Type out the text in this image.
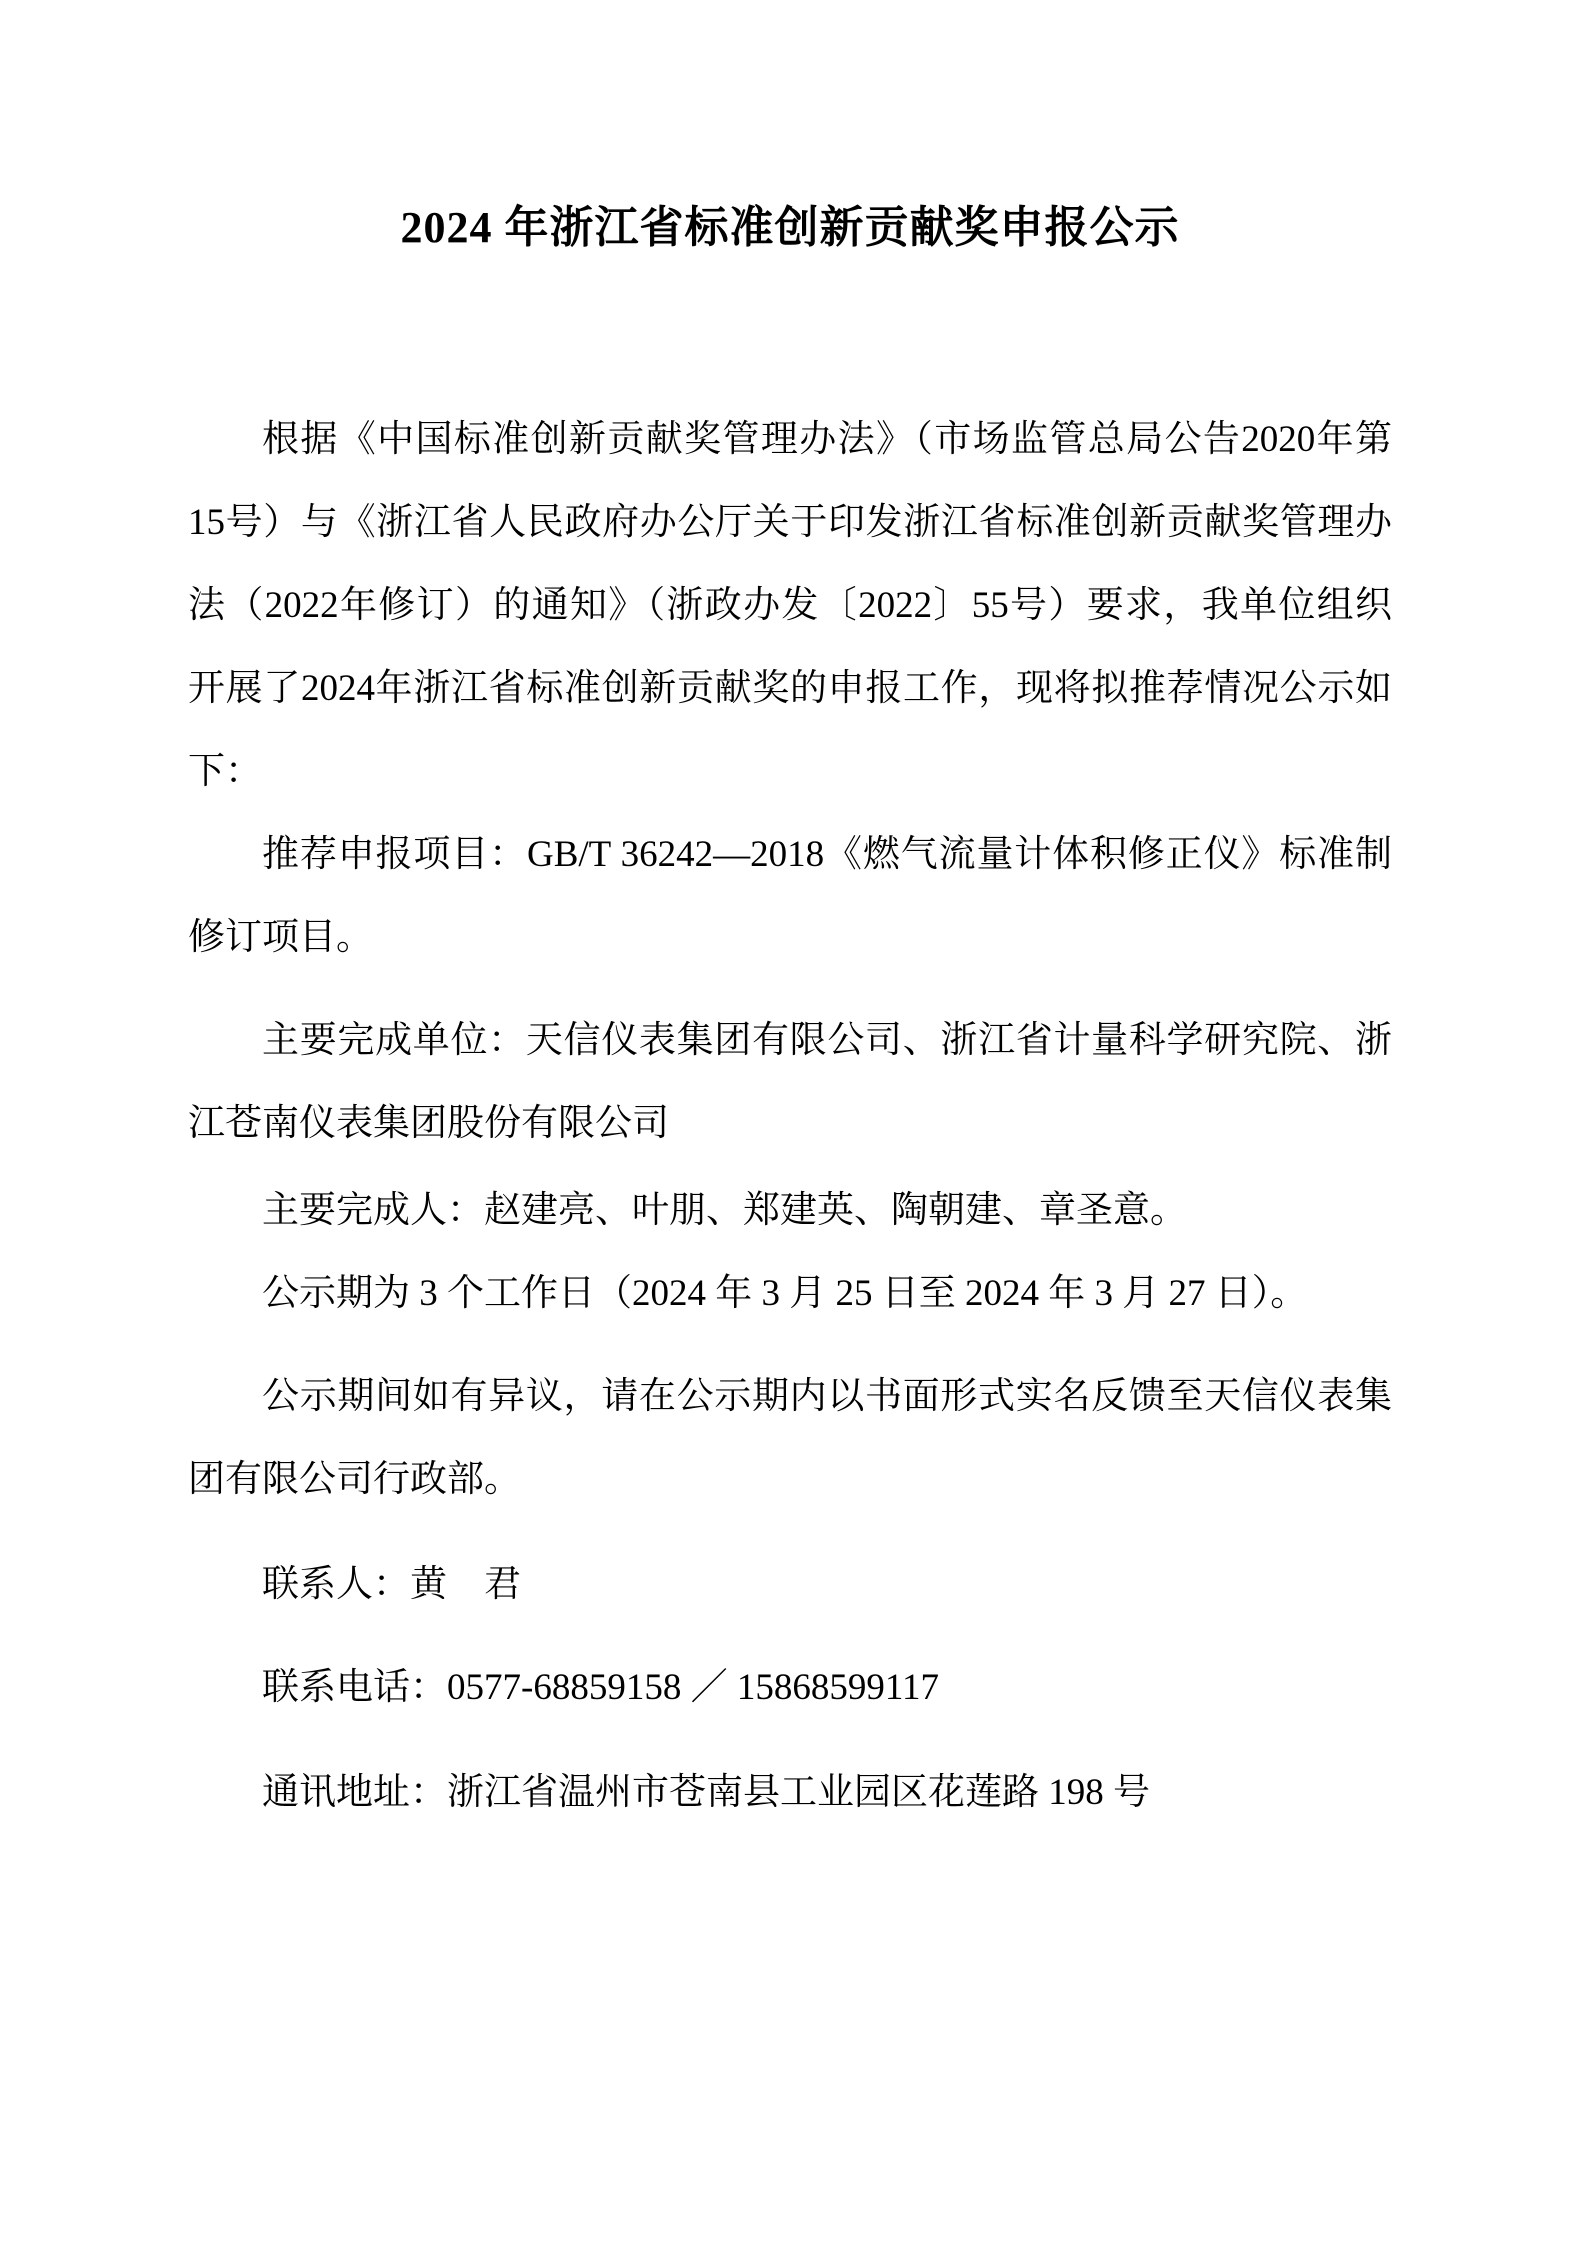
2024 年浙江省标准创新贡献奖申报公示
根据《中国标准创新贡献奖管理办法》（市场监管总局公告2020年第
15号）与《浙江省人民政府办公厅关于印发浙江省标准创新贡献奖管理办
法（2022年修订）的通知》（浙政办发〔2022〕55号）要求，我单位组织
开展了2024年浙江省标准创新贡献奖的申报工作，现将拟推荐情况公示如
下：
推荐申报项目：GB/T 36242—2018《燃气流量计体积修正仪》标准制
修订项目。
主要完成单位：天信仪表集团有限公司、浙江省计量科学研究院、浙
江苍南仪表集团股份有限公司
主要完成人：赵建亮、叶朋、郑建英、陶朝建、章圣意。
公示期为 3 个工作日（2024 年 3 月 25 日至 2024 年 3 月 27 日）。
公示期间如有异议，请在公示期内以书面形式实名反馈至天信仪表集
团有限公司行政部。
联系人：黄　君
联系电话：0577-68859158 ／ 15868599117
通讯地址：浙江省温州市苍南县工业园区花莲路 198 号
